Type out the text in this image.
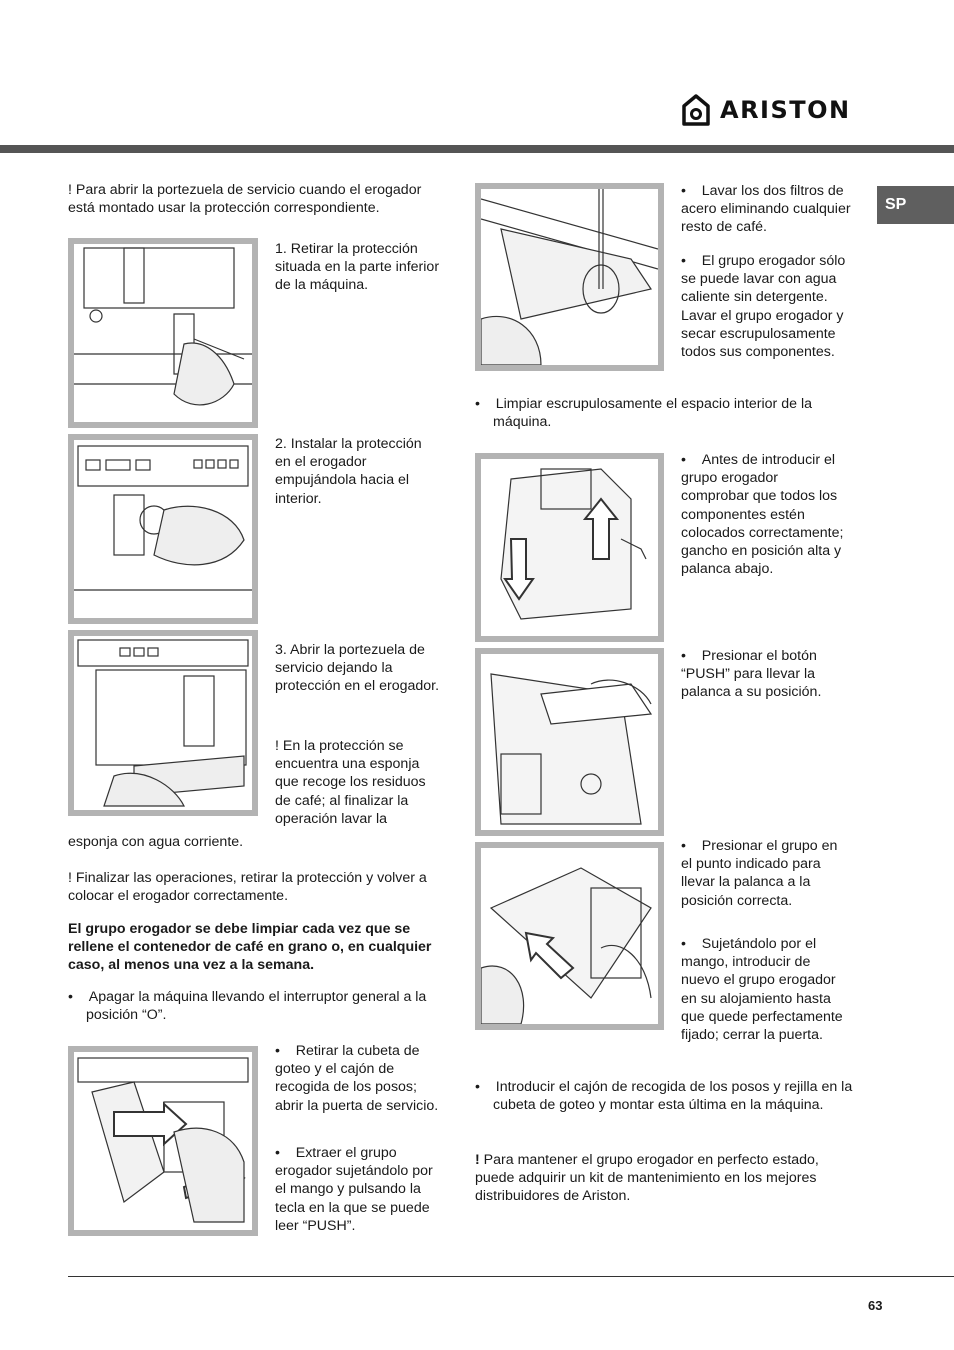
ARISTON
SP

! Para abrir la portezuela de servicio cuando el erogador está montado usar la protección correspondiente.

1. Retirar la protección situada en la parte inferior de la máquina.

2. Instalar la protección en el erogador empujándola hacia el interior.

3. Abrir la portezuela de servicio dejando la protección en el erogador.

! En la protección se encuentra una esponja que recoge los residuos de café; al finalizar la operación lavar la

esponja con agua corriente.

! Finalizar las operaciones, retirar la protección y volver a colocar el erogador correctamente.

El grupo erogador se debe limpiar cada vez que se rellene el contenedor de café en grano o, en cualquier caso, al menos una vez a la semana.

• Apagar la máquina llevando el interruptor general a la posición “O”.
• Retirar la cubeta de goteo y el cajón de recogida de los posos; abrir la puerta de servicio.
• Extraer el grupo erogador sujetándolo por el mango y pulsando la tecla en la que se puede leer “PUSH”.
• Lavar los dos filtros de acero eliminando cualquier resto de café.
• El grupo erogador sólo se puede lavar con agua caliente sin detergente. Lavar el grupo erogador y secar escrupulosamente todos sus componentes.
• Limpiar escrupulosamente el espacio interior de la máquina.
• Antes de introducir el grupo erogador comprobar que todos los componentes estén colocados correctamente; gancho en posición alta y palanca abajo.
• Presionar el botón “PUSH” para llevar la palanca a su posición.
• Presionar el grupo en el punto indicado para llevar la palanca a la posición correcta.
• Sujetándolo por el mango, introducir de nuevo el grupo erogador en su alojamiento hasta que quede perfectamente fijado; cerrar la puerta.
• Introducir el cajón de recogida de los posos y rejilla en la cubeta de goteo y montar esta última en la máquina.

! Para mantener el grupo erogador en perfecto estado, puede adquirir un kit de mantenimiento en los mejores distribuidores de Ariston.

63
